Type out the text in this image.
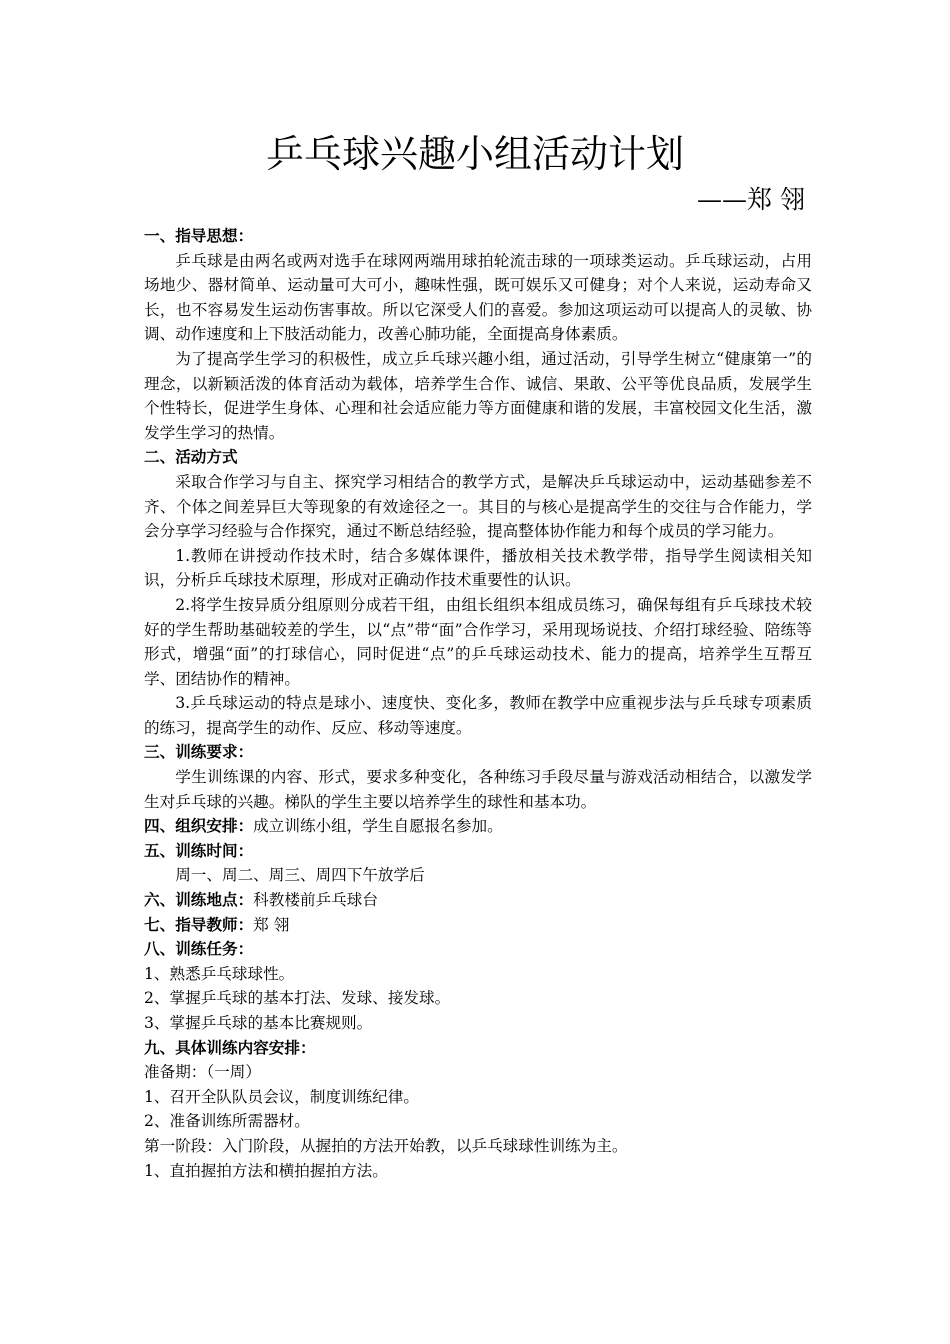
乒乓球兴趣小组活动计划
——郑 翎

一、指导思想：

乒乓球是由两名或两对选手在球网两端用球拍轮流击球的一项球类运动。乒乓球运动，占用场地少、器材简单、运动量可大可小，趣味性强，既可娱乐又可健身；对个人来说，运动寿命又长，也不容易发生运动伤害事故。所以它深受人们的喜爱。参加这项运动可以提高人的灵敏、协调、动作速度和上下肢活动能力，改善心肺功能，全面提高身体素质。

为了提高学生学习的积极性，成立乒乓球兴趣小组，通过活动，引导学生树立“健康第一”的理念，以新颖活泼的体育活动为载体，培养学生合作、诚信、果敢、公平等优良品质，发展学生个性特长，促进学生身体、心理和社会适应能力等方面健康和谐的发展，丰富校园文化生活，激发学生学习的热情。

二、活动方式

采取合作学习与自主、探究学习相结合的教学方式，是解决乒乓球运动中，运动基础参差不齐、个体之间差异巨大等现象的有效途径之一。其目的与核心是提高学生的交往与合作能力，学会分享学习经验与合作探究，通过不断总结经验，提高整体协作能力和每个成员的学习能力。

1.教师在讲授动作技术时，结合多媒体课件，播放相关技术教学带，指导学生阅读相关知识，分析乒乓球技术原理，形成对正确动作技术重要性的认识。

2.将学生按异质分组原则分成若干组，由组长组织本组成员练习，确保每组有乒乓球技术较好的学生帮助基础较差的学生，以“点”带“面”合作学习，采用现场说技、介绍打球经验、陪练等形式，增强“面”的打球信心，同时促进“点”的乒乓球运动技术、能力的提高，培养学生互帮互学、团结协作的精神。

3.乒乓球运动的特点是球小、速度快、变化多，教师在教学中应重视步法与乒乓球专项素质的练习，提高学生的动作、反应、移动等速度。

三、训练要求：

学生训练课的内容、形式，要求多种变化，各种练习手段尽量与游戏活动相结合，以激发学生对乒乓球的兴趣。梯队的学生主要以培养学生的球性和基本功。

四、组织安排：成立训练小组，学生自愿报名参加。

五、训练时间：

周一、周二、周三、周四下午放学后

六、训练地点：科教楼前乒乓球台

七、指导教师：郑 翎

八、训练任务：

1、熟悉乒乓球球性。

2、掌握乒乓球的基本打法、发球、接发球。

3、掌握乒乓球的基本比赛规则。

九、具体训练内容安排：

准备期：（一周）

1、召开全队队员会议，制度训练纪律。

2、准备训练所需器材。

第一阶段：入门阶段，从握拍的方法开始教，以乒乓球球性训练为主。

1、直拍握拍方法和横拍握拍方法。
